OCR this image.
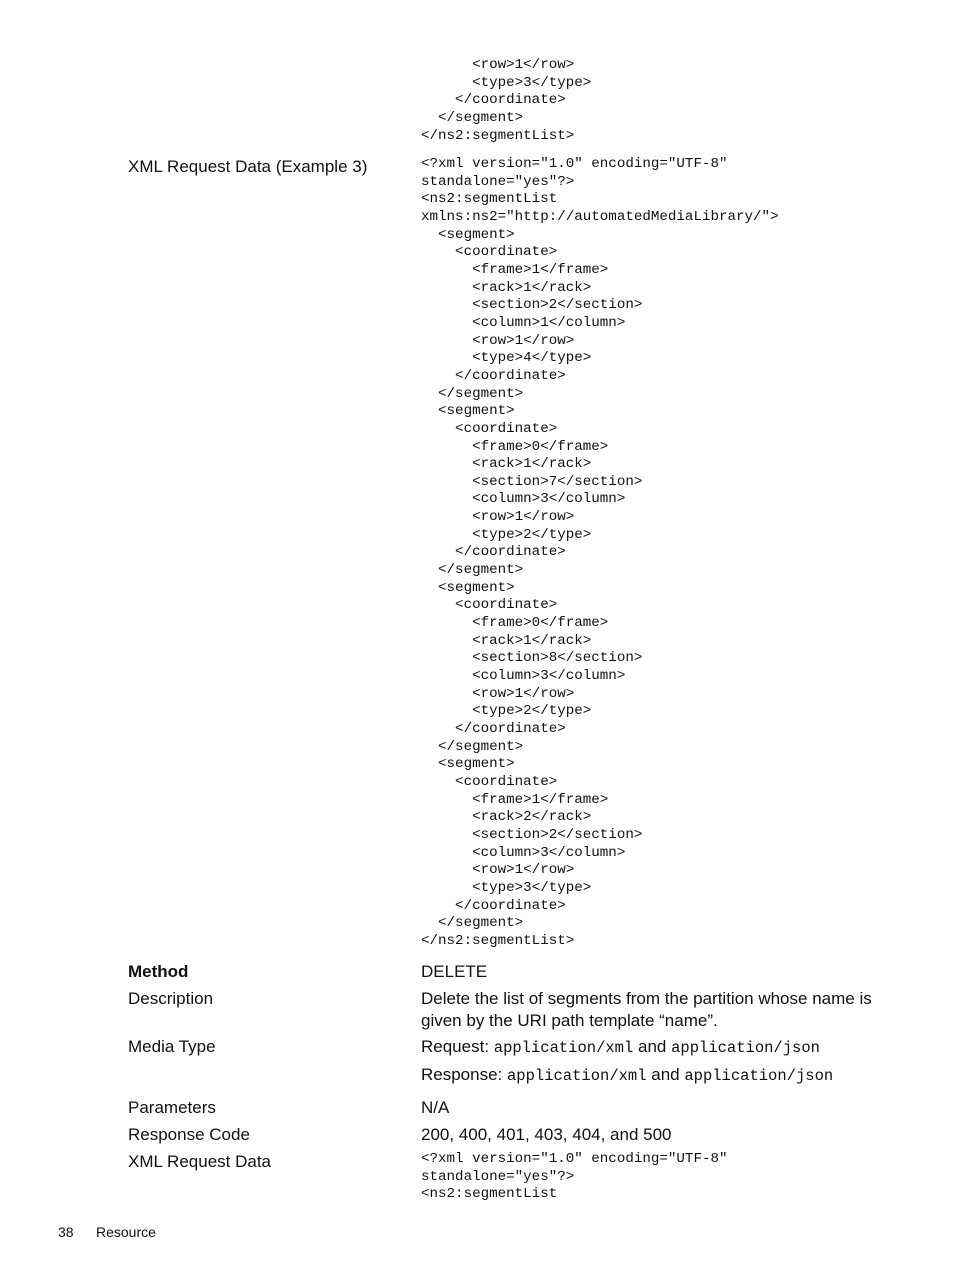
<row>1</row>
<type>3</type>
</coordinate>
</segment>
</ns2:segmentList>
XML Request Data (Example 3)	<?xml version="1.0" encoding="UTF-8"
standalone="yes"?>
<ns2:segmentList
xmlns:ns2="http://automatedMediaLibrary/">
<segment>
<coordinate>
<frame>1</frame>
<rack>1</rack>
<section>2</section>
<column>1</column>
<row>1</row>
<type>4</type>
</coordinate>
</segment>
<segment>
<coordinate>
<frame>0</frame>
<rack>1</rack>
<section>7</section>
<column>3</column>
<row>1</row>
<type>2</type>
</coordinate>
</segment>
<segment>
<coordinate>
<frame>0</frame>
<rack>1</rack>
<section>8</section>
<column>3</column>
<row>1</row>
<type>2</type>
</coordinate>
</segment>
<segment>
<coordinate>
<frame>1</frame>
<rack>2</rack>
<section>2</section>
<column>3</column>
<row>1</row>
<type>3</type>
</coordinate>
</segment>
</ns2:segmentList>
Method	DELETE
Description	Delete the list of segments from the partition whose name is given by the URI path template “name”.
Media Type	Request: application/xml and application/json
Response: application/xml and application/json
Parameters	N/A
Response Code	200, 400, 401, 403, 404, and 500
XML Request Data	<?xml version="1.0" encoding="UTF-8"
standalone="yes"?>
<ns2:segmentList
38 Resource
